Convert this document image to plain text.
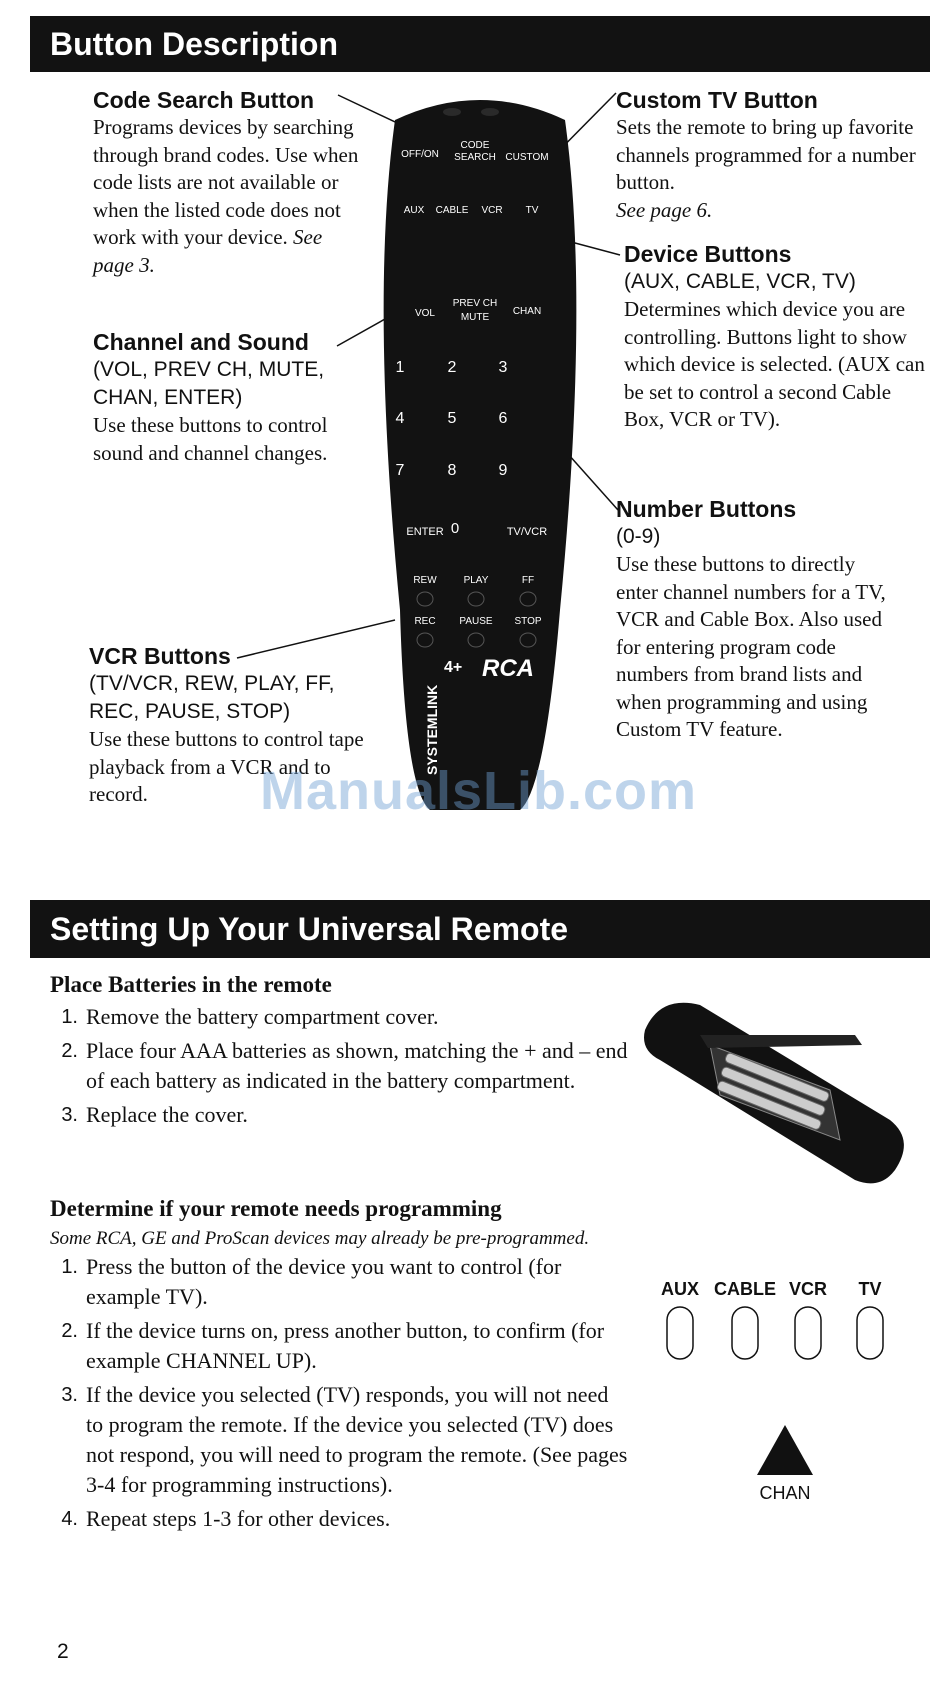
Button Description

Code Search Button

Programs devices by searching through brand codes. Use when code lists are not available or when the listed code does not work with your device. See page 3.

Channel and Sound

(VOL, PREV CH, MUTE, CHAN, ENTER)

Use these buttons to control sound and channel changes.

VCR Buttons

(TV/VCR, REW, PLAY, FF, REC, PAUSE, STOP)

Use these buttons to control tape playback from a VCR and to record.

Custom TV Button

Sets the remote to bring up favorite channels programmed for a number button.
See page 6.

Device Buttons

(AUX, CABLE, VCR, TV)

Determines which device you are controlling. Buttons light to show which device is selected. (AUX can be set to control a second Cable Box, VCR or TV).

Number Buttons

(0-9)

Use these buttons to directly enter channel numbers for a TV, VCR and Cable Box. Also used for entering program code numbers from brand lists and when programming and using Custom TV feature.

OFF/ON
CODE
SEARCH CUSTOM
AUX CABLE VCR TV
VOL
PREV CH
MUTE
CHAN
1	2	3
4	5	6
7	8	9
ENTER 0	TV/VCR
REW	PLAY	FF
REC PAUSE STOP
SYSTEMLINK
4+ RCA
ManualsLib.com
Setting Up Your Universal Remote

Place Batteries in the remote

1. Remove the battery compartment cover.
2. Place four AAA batteries as shown, matching the + and – end of each battery as indicated in the battery compartment.
3. Replace the cover.

Determine if your remote needs programming

Some RCA, GE and ProScan devices may already be pre-programmed.

1. Press the button of the device you want to control (for example TV).
2. If the device turns on, press another button, to confirm (for example CHANNEL UP).
3. If the device you selected (TV) responds, you will not need to program the remote. If the device you selected (TV) does not respond, you will need to program the remote. (See pages 3-4 for programming instructions).
4. Repeat steps 1-3 for other devices.
AUX CABLE VCR TV
CHAN
2
